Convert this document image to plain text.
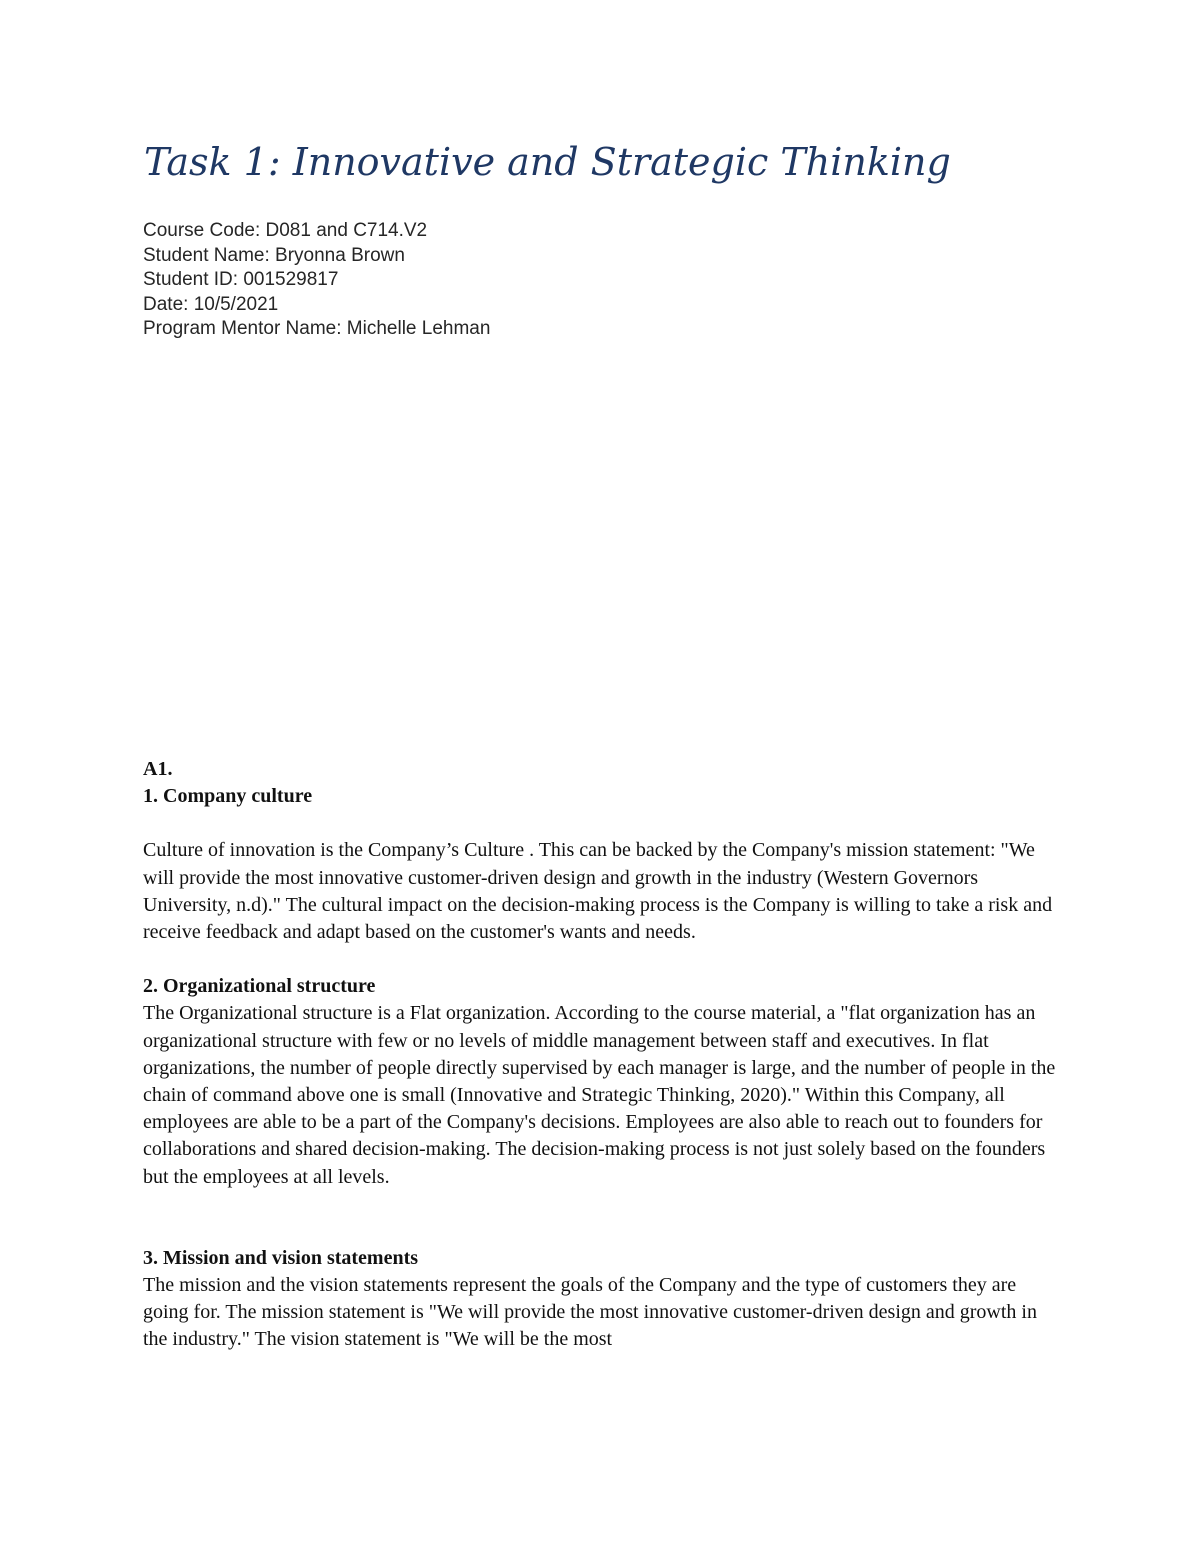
Task 1: Innovative and Strategic Thinking
Course Code: D081 and C714.V2
Student Name: Bryonna Brown
Student ID: 001529817
Date: 10/5/2021
Program Mentor Name: Michelle Lehman

A1.

1. Company culture

Culture of innovation is the Company’s Culture . This can be backed by the Company's mission statement: "We will provide the most innovative customer-driven design and growth in the industry (Western Governors University, n.d)." The cultural impact on the decision-making process is the Company is willing to take a risk and receive feedback and adapt based on the customer's wants and needs.

2. Organizational structure

The Organizational structure is a Flat organization. According to the course material, a "flat organization has an organizational structure with few or no levels of middle management between staff and executives. In flat organizations, the number of people directly supervised by each manager is large, and the number of people in the chain of command above one is small (Innovative and Strategic Thinking, 2020)." Within this Company, all employees are able to be a part of the Company's decisions. Employees are also able to reach out to founders for collaborations and shared decision-making. The decision-making process is not just solely based on the founders but the employees at all levels.

3. Mission and vision statements

The mission and the vision statements represent the goals of the Company and the type of customers they are going for. The mission statement is "We will provide the most innovative customer-driven design and growth in the industry." The vision statement is "We will be the most
